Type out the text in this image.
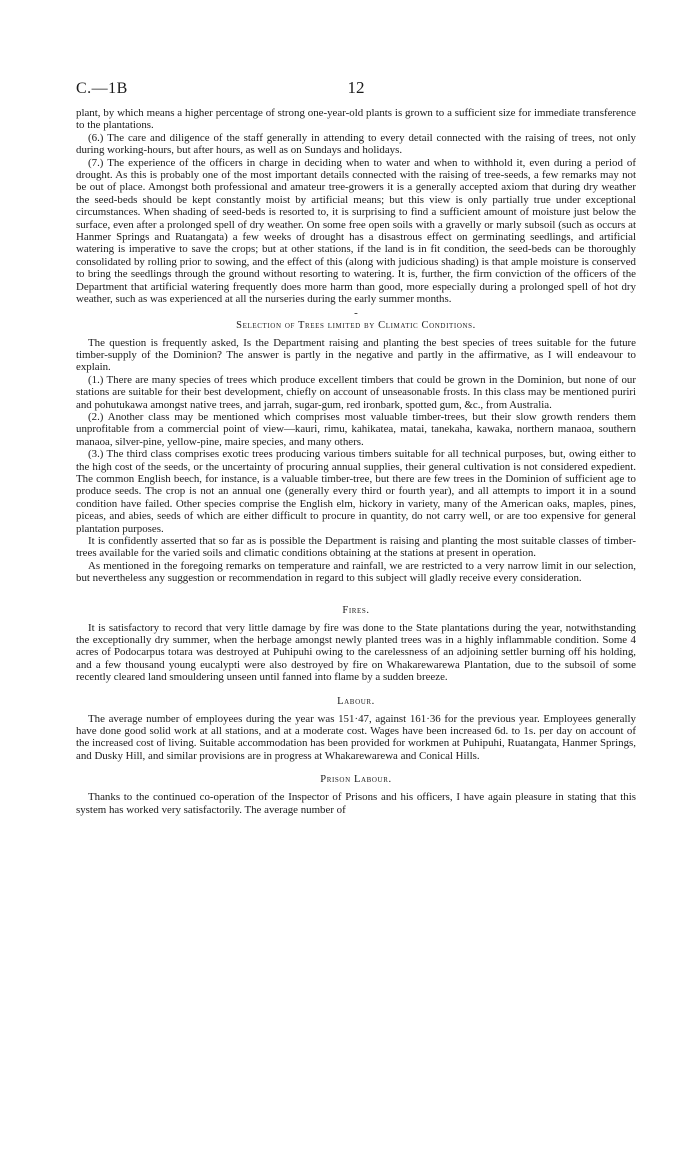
C.—1B	12

plant, by which means a higher percentage of strong one-year-old plants is grown to a sufficient size for immediate transference to the plantations.

(6.) The care and diligence of the staff generally in attending to every detail connected with the raising of trees, not only during working-hours, but after hours, as well as on Sundays and holidays.

(7.) The experience of the officers in charge in deciding when to water and when to withhold it, even during a period of drought. As this is probably one of the most important details connected with the raising of tree-seeds, a few remarks may not be out of place. Amongst both professional and amateur tree-growers it is a generally accepted axiom that during dry weather the seed-beds should be kept constantly moist by artificial means; but this view is only partially true under exceptional circumstances. When shading of seed-beds is resorted to, it is surprising to find a sufficient amount of moisture just below the surface, even after a prolonged spell of dry weather. On some free open soils with a gravelly or marly subsoil (such as occurs at Hanmer Springs and Ruatangata) a few weeks of drought has a disastrous effect on germinating seedlings, and artificial watering is imperative to save the crops; but at other stations, if the land is in fit condition, the seed-beds can be thoroughly consolidated by rolling prior to sowing, and the effect of this (along with judicious shading) is that ample moisture is conserved to bring the seedlings through the ground without resorting to watering. It is, further, the firm conviction of the officers of the Department that artificial watering frequently does more harm than good, more especially during a prolonged spell of hot dry weather, such as was experienced at all the nurseries during the early summer months.

-
Selection of Trees limited by Climatic Conditions.

The question is frequently asked, Is the Department raising and planting the best species of trees suitable for the future timber-supply of the Dominion? The answer is partly in the negative and partly in the affirmative, as I will endeavour to explain.

(1.) There are many species of trees which produce excellent timbers that could be grown in the Dominion, but none of our stations are suitable for their best development, chiefly on account of unseasonable frosts. In this class may be mentioned puriri and pohutukawa amongst native trees, and jarrah, sugar-gum, red ironbark, spotted gum, &c., from Australia.

(2.) Another class may be mentioned which comprises most valuable timber-trees, but their slow growth renders them unprofitable from a commercial point of view—kauri, rimu, kahikatea, matai, tanekaha, kawaka, northern manaoa, southern manaoa, silver-pine, yellow-pine, maire species, and many others.

(3.) The third class comprises exotic trees producing various timbers suitable for all technical purposes, but, owing either to the high cost of the seeds, or the uncertainty of procuring annual supplies, their general cultivation is not considered expedient. The common English beech, for instance, is a valuable timber-tree, but there are few trees in the Dominion of sufficient age to produce seeds. The crop is not an annual one (generally every third or fourth year), and all attempts to import it in a sound condition have failed. Other species comprise the English elm, hickory in variety, many of the American oaks, maples, pines, piceas, and abies, seeds of which are either difficult to procure in quantity, do not carry well, or are too expensive for general plantation purposes.

It is confidently asserted that so far as is possible the Department is raising and planting the most suitable classes of timber-trees available for the varied soils and climatic conditions obtaining at the stations at present in operation.

As mentioned in the foregoing remarks on temperature and rainfall, we are restricted to a very narrow limit in our selection, but nevertheless any suggestion or recommendation in regard to this subject will gladly receive every consideration.

Fires.

It is satisfactory to record that very little damage by fire was done to the State plantations during the year, notwithstanding the exceptionally dry summer, when the herbage amongst newly planted trees was in a highly inflammable condition. Some 4 acres of Podocarpus totara was destroyed at Puhipuhi owing to the carelessness of an adjoining settler burning off his holding, and a few thousand young eucalypti were also destroyed by fire on Whakarewarewa Plantation, due to the subsoil of some recently cleared land smouldering unseen until fanned into flame by a sudden breeze.

Labour.

The average number of employees during the year was 151·47, against 161·36 for the previous year. Employees generally have done good solid work at all stations, and at a moderate cost. Wages have been increased 6d. to 1s. per day on account of the increased cost of living. Suitable accommodation has been provided for workmen at Puhipuhi, Ruatangata, Hanmer Springs, and Dusky Hill, and similar provisions are in progress at Whakarewarewa and Conical Hills.

Prison Labour.

Thanks to the continued co-operation of the Inspector of Prisons and his officers, I have again pleasure in stating that this system has worked very satisfactorily. The average number of
